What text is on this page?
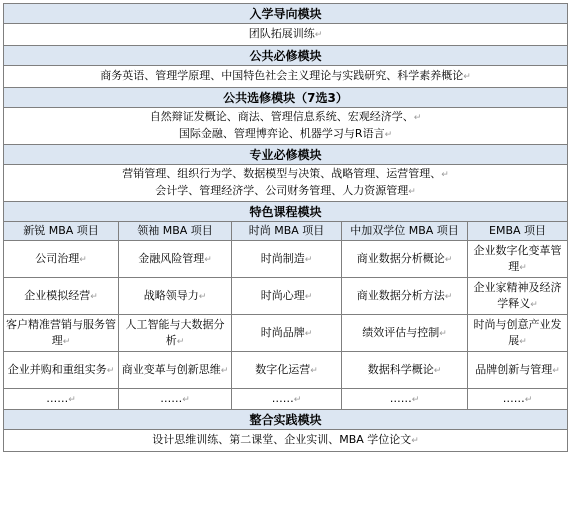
入学导向模块				
团队拓展训练↵				
公共必修模块				
商务英语、管理学原理、中国特色社会主义理论与实践研究、科学素养概论↵				
公共选修模块（7选3）				
自然辩证发概论、商法、管理信息系统、宏观经济学、↵
国际金融、管理博弈论、机器学习与R语言↵				
专业必修模块				
营销管理、组织行为学、数据模型与决策、战略管理、运营管理、↵
会计学、管理经济学、公司财务管理、人力资源管理↵				
特色课程模块				
新锐 MBA 项目	领袖 MBA 项目	时尚 MBA 项目	中加双学位 MBA 项目	EMBA 项目
公司治理↵	金融风险管理↵	时尚制造↵	商业数据分析概论↵	企业数字化变革管理↵
企业模拟经营↵	战略领导力↵	时尚心理↵	商业数据分析方法↵	企业家精神及经济学释义↵
客户精准营销与服务管理↵	人工智能与大数据分析↵	时尚品牌↵	绩效评估与控制↵	时尚与创意产业发展↵
企业并购和重组实务↵	商业变革与创新思维↵	数字化运营↵	数据科学概论↵	品牌创新与管理↵
……↵	……↵	……↵	……↵	……↵
整合实践模块				
设计思维训练、第二课堂、企业实训、MBA 学位论文↵				
